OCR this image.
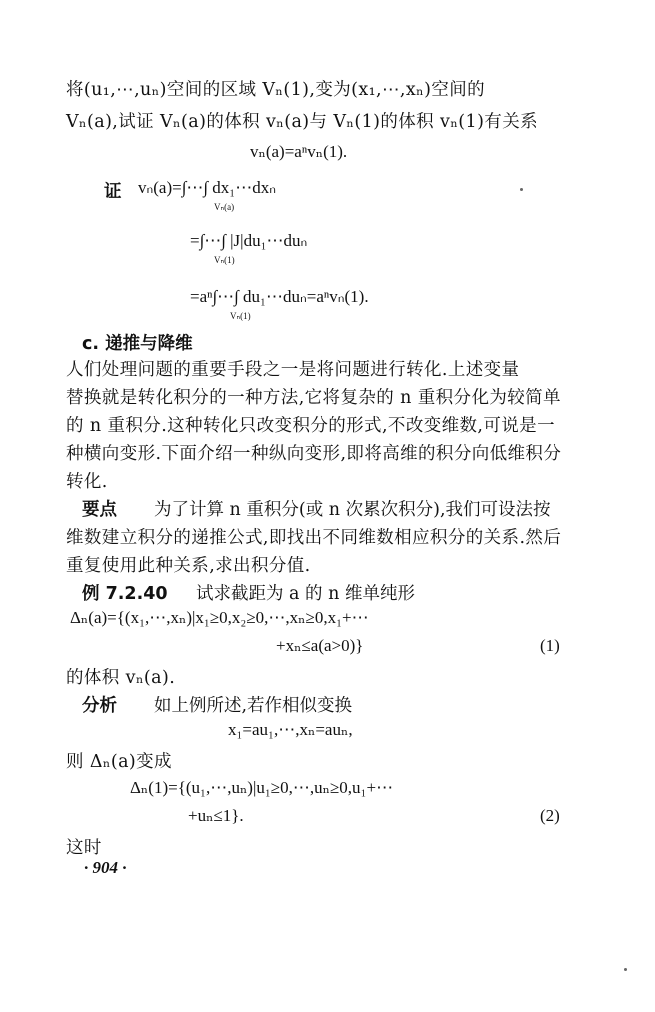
将(u₁,⋯,uₙ)空间的区域 Vₙ(1),变为(x₁,⋯,xₙ)空间的
Vₙ(a),试证 Vₙ(a)的体积 vₙ(a)与 Vₙ(1)的体积 vₙ(1)有关系
vₙ(a)=aⁿvₙ(1).
证 vₙ(a)=∫⋯∫ dx₁⋯dxₙ
Vₙ(a)
=∫⋯∫ |J|du₁⋯duₙ
Vₙ(1)
=aⁿ∫⋯∫ du₁⋯duₙ=aⁿvₙ(1).
Vₙ(1)
c. 递推与降维
人们处理问题的重要手段之一是将问题进行转化.上述变量
替换就是转化积分的一种方法,它将复杂的 n 重积分化为较简单
的 n 重积分.这种转化只改变积分的形式,不改变维数,可说是一
种横向变形.下面介绍一种纵向变形,即将高维的积分向低维积分
转化.
要点 为了计算 n 重积分(或 n 次累次积分),我们可设法按
维数建立积分的递推公式,即找出不同维数相应积分的关系.然后
重复使用此种关系,求出积分值.
例 7.2.40 试求截距为 a 的 n 维单纯形
Δₙ(a)={(x₁,⋯,xₙ)|x₁≥0,x₂≥0,⋯,xₙ≥0,x₁+⋯
+xₙ≤a(a>0)}	(1)
的体积 vₙ(a).
分析 如上例所述,若作相似变换
x₁=au₁,⋯,xₙ=auₙ,
则 Δₙ(a)变成
Δₙ(1)={(u₁,⋯,uₙ)|u₁≥0,⋯,uₙ≥0,u₁+⋯
+uₙ≤1}.	(2)
这时
· 904 ·
